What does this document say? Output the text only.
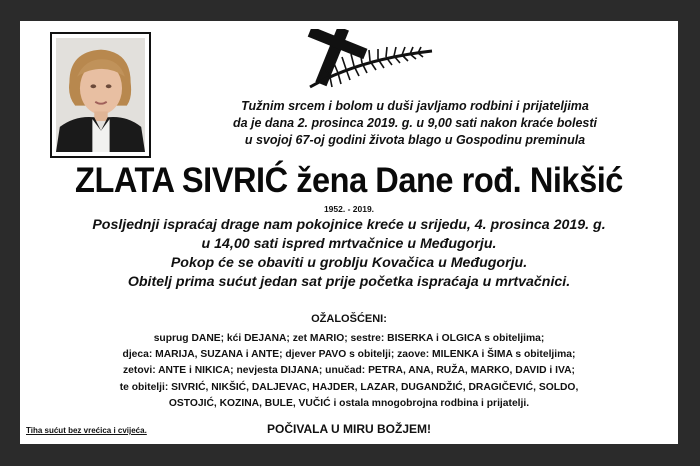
Tužnim srcem i bolom u duši javljamo rodbini i prijateljima
da je dana 2. prosinca 2019. g. u 9,00 sati nakon kraće bolesti
u svojoj 67-oj godini života blago u Gospodinu preminula
ZLATA SIVRIĆ žena Dane rođ. Nikšić
1952. - 2019.
Posljednji ispraćaj drage nam pokojnice kreće u srijedu, 4. prosinca 2019. g.
u 14,00 sati ispred mrtvačnice u Međugorju.
Pokop će se obaviti u groblju Kovačica u Međugorju.
Obitelj prima sućut jedan sat prije početka ispraćaja u mrtvačnici.
OŽALOŠĆENI:
suprug DANE; kći DEJANA; zet MARIO; sestre: BISERKA i OLGICA s obiteljima;
djeca: MARIJA, SUZANA i ANTE; djever PAVO s obitelji; zaove: MILENKA i ŠIMA s obiteljima;
zetovi: ANTE i NIKICA; nevjesta DIJANA; unučad: PETRA, ANA, RUŽA, MARKO, DAVID i IVA;
te obitelji: SIVRIĆ, NIKŠIĆ, DALJEVAC, HAJDER, LAZAR, DUGANDŽIĆ, DRAGIČEVIĆ, SOLDO,
OSTOJIĆ, KOZINA, BULE, VUČIĆ i ostala mnogobrojna rodbina i prijatelji.
Tiha sućut bez vrećica i cvijeća.	POČIVALA U MIRU BOŽJEM!
